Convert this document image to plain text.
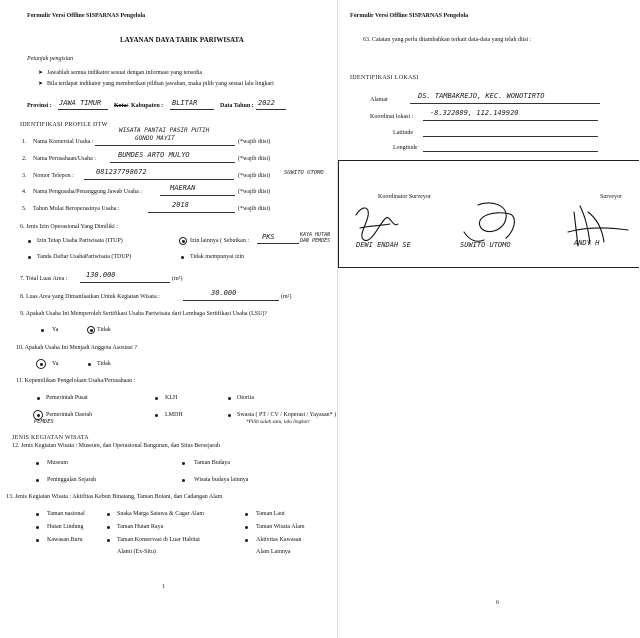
Formulir Versi Offline SISPARNAS Pengelola
LAYANAN DAYA TARIK PARIWISATA
Petunjuk pengisian
➤ Jawablah semua indikator sesuai dengan informasi yang tersedia
➤ Bila terdapat indikator yang memberikan pilihan jawaban, maka pilih yang sesuai lalu lingkari
Provinsi : JAWA TIMUR Kota/ Kabupaten : BLITAR	Data Tahun : 2022
IDENTIFIKASI PROFILE DTW
1. Nama Komersial Usaha :
WISATA PANTAI PASIR PUTIH
GONDO MAYIT	(*wajib diisi)
2. Nama Perusahaan/Usaha :	BUMDES ARTO MULYO	(*wajib diisi)
3. Nomor Telepon :	081237798672	(*wajib diisi)	SUWITO UTOMO
4. Nama Pengusaha/Penanggung Jawab Usaha :	MAERAN	(*wajib diisi)
5. Tahun Mulai Beroperasinya Usaha :	2018	(*wajib diisi)
6. Jenis Izin Operasional Yang Dimiliki :
Izin Tetap Usaha Pariwisata (ITUP)	Izin lainnya ( Sebutkan : PKS	KAYA HUTAN DAN PEMDES
Tanda Daftar UsahaPariwisata (TDUP)	Tidak mempunyai izin
7. Total Luas Area :	130.000	(m²)
8. Luas Area yang Dimanfaatkan Untuk Kegiatan Wisata :	30.000	(m²)
9. Apakah Usaha Ini Memperoleh Sertifikasi Usaha Pariwisata dari Lembaga Sertifikasi Usaha (LSU)?
Ya	Tidak
10. Apakah Usaha Ini Menjadi Anggota Asosiasi ?
Ya	Tidak
11. Kepemilikan Pengelolaan Usaha/Perusahaan :
Pemerintah Pusat	KLH	Otorita
Pemerintah Daerah
PEMDES
LMDH	Swasta ( PT / CV / Koperasi / Yayasan* )
*Pilih salah satu, lalu lingkari
JENIS KEGIATAN WISATA
12. Jenis Kegiatan Wisata : Museum, dan Operasional Bangunan, dan Situs Bersejarah
Museum	Taman Budaya
Peninggalan Sejarah	Wisata budaya lainnya
13. Jenis Kegiatan Wisata : Aktifitas Kebun Binatang, Taman Botani, dan Cadangan Alam
Taman nasional
Hutan Lindung
Kawasan Buru
Suaka Marga Satawa & Cagar Alam
Taman Hutan Raya
Taman Konservasi di Luar Habitat
Alami (Ex-Situ)
Taman Laut
Taman Wisata Alam
Aktivitas Kawasan
Alam Lainnya
1
Formulir Versi Offline SISPARNAS Pengelola
63. Catatan yang perlu ditambahkan terkait data-data yang telah diisi :
IDENTIFIKASI LOKASI
Alamat	DS. TAMBAKREJO, KEC. WONOTIRTO
Koordinat lokasi : -8.322089, 112.149920
Latitude
Longitude
Koordinator Surveyor	Surveyor
DEWI ENDAH SE	SUWITO UTOMO	ANDY H
6
